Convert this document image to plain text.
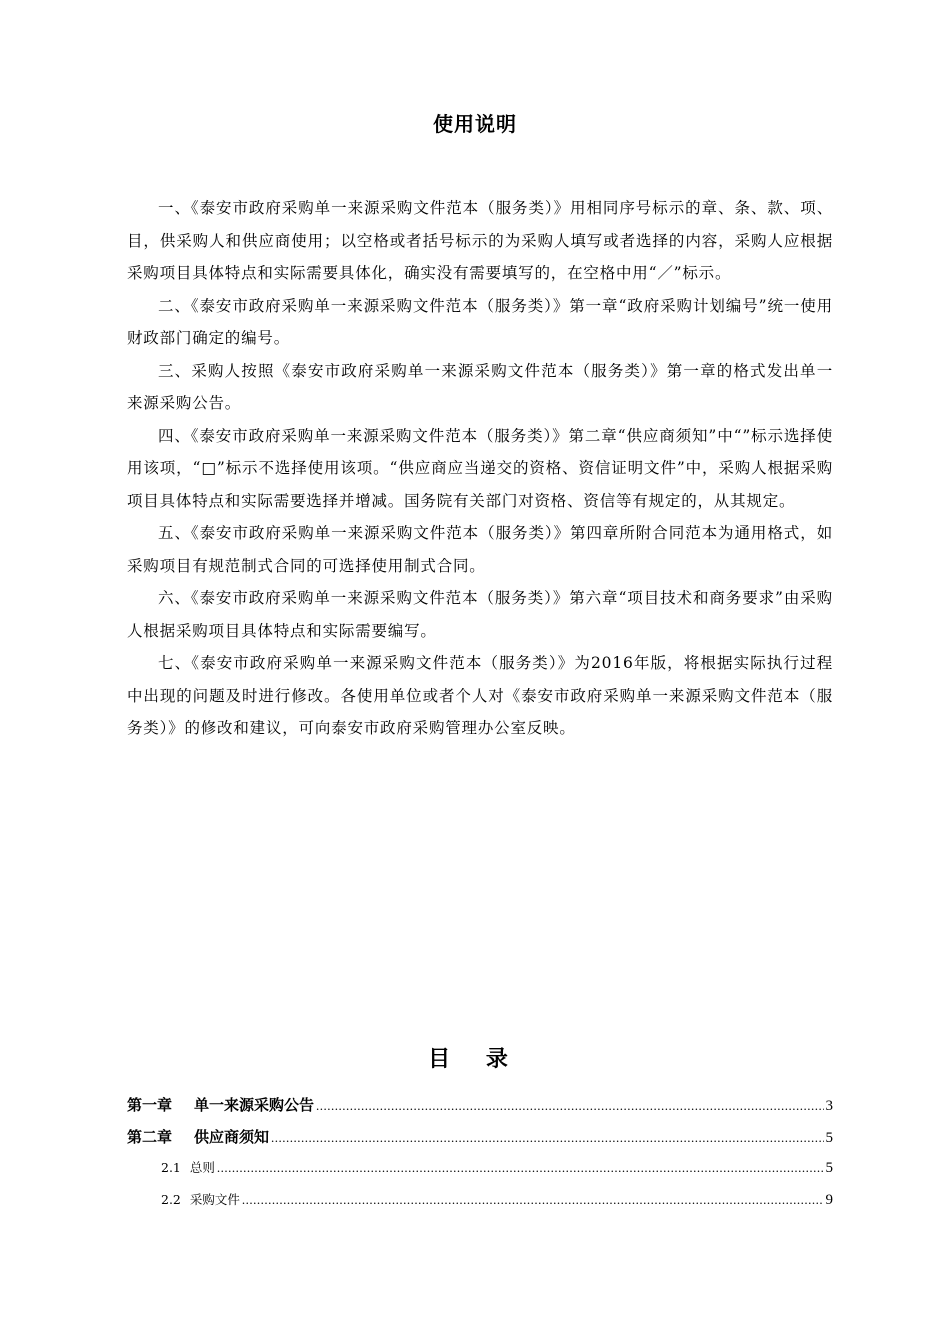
使用说明

一、《泰安市政府采购单一来源采购文件范本（服务类）》用相同序号标示的章、条、款、项、目，供采购人和供应商使用；以空格或者括号标示的为采购人填写或者选择的内容，采购人应根据采购项目具体特点和实际需要具体化，确实没有需要填写的，在空格中用“／”标示。

二、《泰安市政府采购单一来源采购文件范本（服务类）》第一章“政府采购计划编号”统一使用财政部门确定的编号。

三、采购人按照《泰安市政府采购单一来源采购文件范本（服务类）》第一章的格式发出单一来源采购公告。

四、《泰安市政府采购单一来源采购文件范本（服务类）》第二章“供应商须知”中“”标示选择使用该项，“□”标示不选择使用该项。“供应商应当递交的资格、资信证明文件”中，采购人根据采购项目具体特点和实际需要选择并增减。国务院有关部门对资格、资信等有规定的，从其规定。

五、《泰安市政府采购单一来源采购文件范本（服务类）》第四章所附合同范本为通用格式，如采购项目有规范制式合同的可选择使用制式合同。

六、《泰安市政府采购单一来源采购文件范本（服务类）》第六章“项目技术和商务要求”由采购人根据采购项目具体特点和实际需要编写。

七、《泰安市政府采购单一来源采购文件范本（服务类）》为2016年版，将根据实际执行过程中出现的问题及时进行修改。各使用单位或者个人对《泰安市政府采购单一来源采购文件范本（服务类）》的修改和建议，可向泰安市政府采购管理办公室反映。

目 录
第一章 单一来源采购公告 .....	3
第二章 供应商须知 .....	5
2.1 总则 .....	5
2.2 采购文件 .....	9
